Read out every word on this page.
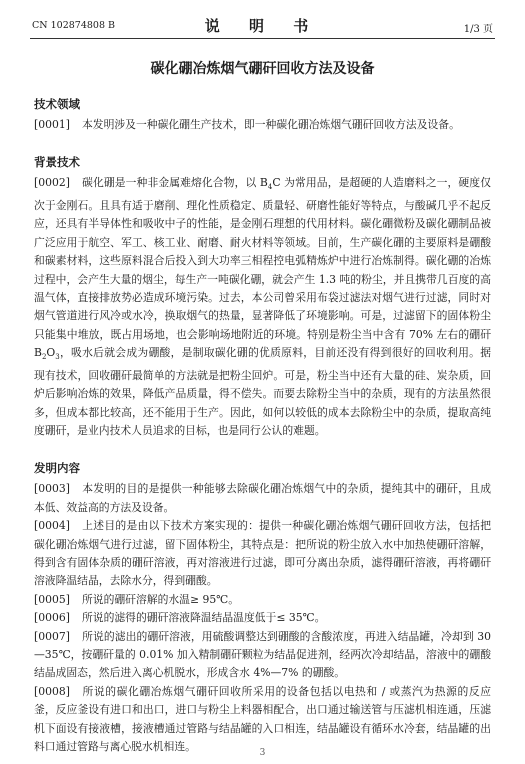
CN 102874808 B	说 明 书	1/3 页
碳化硼冶炼烟气硼矸回收方法及设备
技术领域

[0001] 本发明涉及一种碳化硼生产技术，即一种碳化硼冶炼烟气硼矸回收方法及设备。

背景技术

[0002] 碳化硼是一种非金属难熔化合物，以 $B_4C$ 为常用品，是超硬的人造磨料之一，硬度仅次于金刚石。且具有适于磨削、理化性质稳定、质量轻、研磨性能好等特点，与酸碱几乎不起反应，还具有半导体性和吸收中子的性能，是金刚石理想的代用材料。碳化硼微粉及碳化硼制品被广泛应用于航空、军工、核工业、耐磨、耐火材料等领域。目前，生产碳化硼的主要原料是硼酸和碳素材料，这些原料混合后投入到大功率三相程控电弧精炼炉中进行冶炼制得。碳化硼的冶炼过程中，会产生大量的烟尘，每生产一吨碳化硼，就会产生 1.3 吨的粉尘，并且携带几百度的高温气体，直接排放势必造成环境污染。过去，本公司曾采用布袋过滤法对烟气进行过滤，同时对烟气管道进行风冷或水冷，换取烟气的热量，显著降低了环境影响。可是，过滤留下的固体粉尘只能集中堆放，既占用场地，也会影响场地附近的环境。特别是粉尘当中含有 70% 左右的硼矸 $B_2O_3$，吸水后就会成为硼酸，是制取碳化硼的优质原料，目前还没有得到很好的回收利用。据现有技术，回收硼矸最简单的方法就是把粉尘回炉。可是，粉尘当中还有大量的硅、炭杂质，回炉后影响冶炼的效果，降低产品质量，得不偿失。而要去除粉尘当中的杂质，现有的方法虽然很多，但成本都比较高，还不能用于生产。因此，如何以较低的成本去除粉尘中的杂质，提取高纯度硼矸，是业内技术人员追求的目标，也是同行公认的难题。

发明内容

[0003] 本发明的目的是提供一种能够去除碳化硼冶炼烟气中的杂质，提纯其中的硼矸，且成本低、效益高的方法及设备。

[0004] 上述目的是由以下技术方案实现的：提供一种碳化硼冶炼烟气硼矸回收方法，包括把碳化硼冶炼烟气进行过滤，留下固体粉尘，其特点是：把所说的粉尘放入水中加热使硼矸溶解，得到含有固体杂质的硼矸溶液，再对溶液进行过滤，即可分离出杂质，滤得硼矸溶液，再将硼矸溶液降温结晶，去除水分，得到硼酸。

[0005] 所说的硼矸溶解的水温≥ 95℃。

[0006] 所说的滤得的硼矸溶液降温结晶温度低于≤ 35℃。

[0007] 所说的滤出的硼矸溶液，用硫酸调整达到硼酸的含酸浓度，再进入结晶罐，冷却到 30—35℃，按硼矸量的 0.01% 加入精制硼矸颗粒为结晶促进剂，经两次冷却结晶，溶液中的硼酸结晶成固态，然后进入离心机脱水，形成含水 4%—7% 的硼酸。

[0008] 所说的碳化硼冶炼烟气硼矸回收所采用的设备包括以电热和 / 或蒸汽为热源的反应釜，反应釜设有进口和出口，进口与粉尘上料器相配合，出口通过输送管与压滤机相连通，压滤机下面设有接液槽，接液槽通过管路与结晶罐的入口相连，结晶罐设有循环水冷套，结晶罐的出料口通过管路与离心脱水机相连。	3
